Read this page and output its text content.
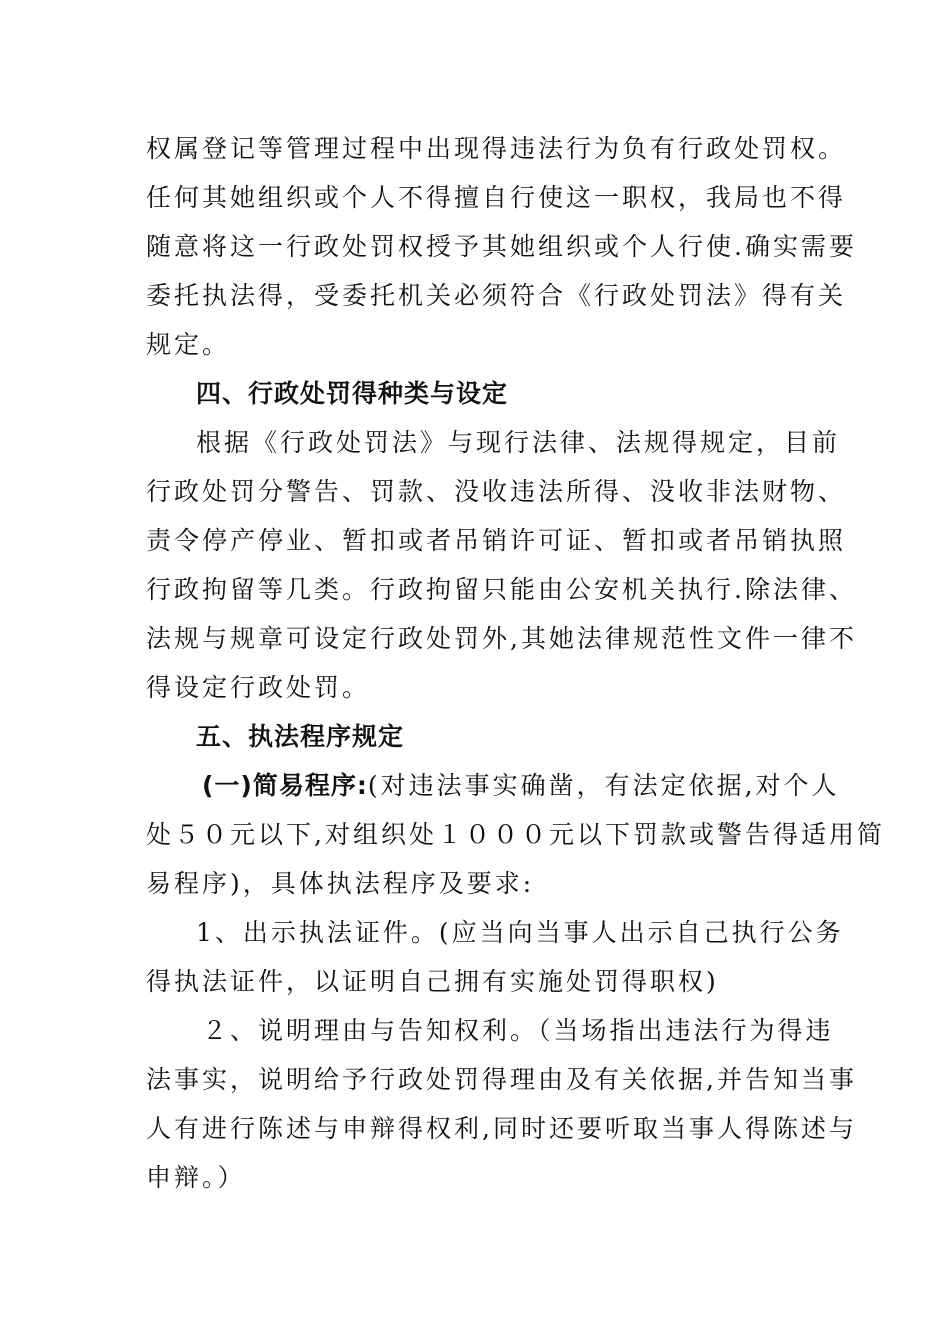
权属登记等管理过程中出现得违法行为负有行政处罚权。
任何其她组织或个人不得擅自行使这一职权，我局也不得
随意将这一行政处罚权授予其她组织或个人行使.确实需要
委托执法得，受委托机关必须符合《行政处罚法》得有关
规定。
四、行政处罚得种类与设定
根据《行政处罚法》与现行法律、法规得规定，目前
行政处罚分警告、罚款、没收违法所得、没收非法财物、
责令停产停业、暂扣或者吊销许可证、暂扣或者吊销执照
行政拘留等几类。行政拘留只能由公安机关执行.除法律、
法规与规章可设定行政处罚外,其她法律规范性文件一律不
得设定行政处罚。
五、执法程序规定
(一)简易程序:(对违法事实确凿，有法定依据,对个人
处５０元以下,对组织处１０００元以下罚款或警告得适用简
易程序)，具体执法程序及要求:
1、出示执法证件。(应当向当事人出示自己执行公务
得执法证件，以证明自己拥有实施处罚得职权)
２、说明理由与告知权利。（当场指出违法行为得违
法事实，说明给予行政处罚得理由及有关依据,并告知当事
人有进行陈述与申辩得权利,同时还要听取当事人得陈述与
申辩。）
